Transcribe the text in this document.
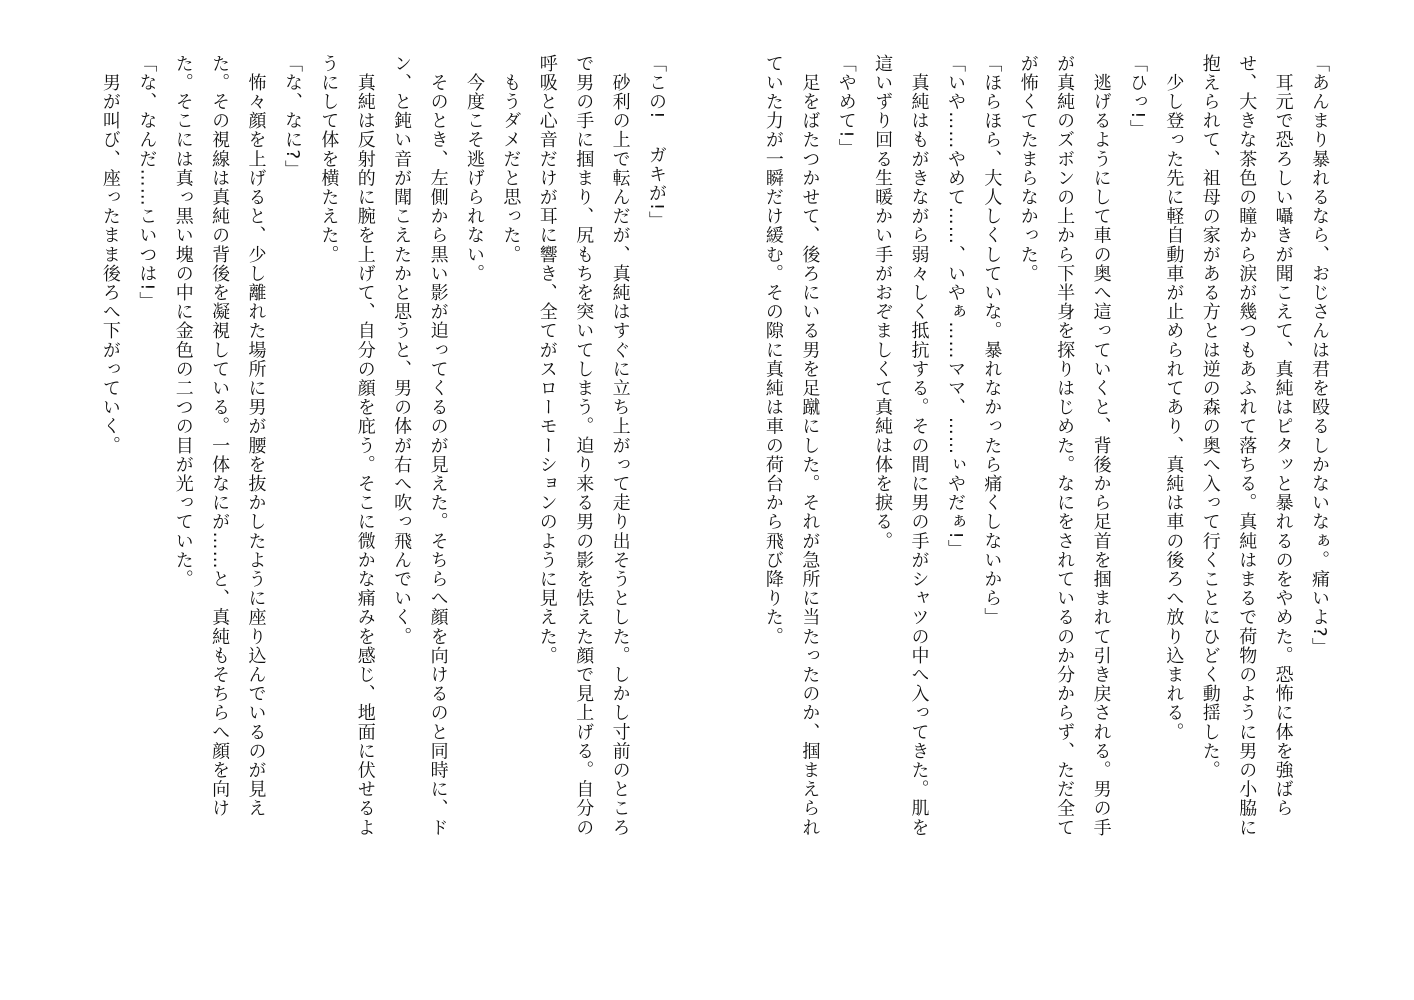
「あんまり暴れるなら、おじさんは君を殴るしかないなぁ。痛いよ?」
　耳元で恐ろしい囁きが聞こえて、真純はピタッと暴れるのをやめた。恐怖に体を強ばら
せ、大きな茶色の瞳から涙が幾つもあふれて落ちる。真純はまるで荷物のように男の小脇に
抱えられて、祖母の家がある方とは逆の森の奥へ入って行くことにひどく動揺した。
　少し登った先に軽自動車が止められてあり、真純は車の後ろへ放り込まれる。
「ひっ!」
　逃げるようにして車の奥へ這っていくと、背後から足首を掴まれて引き戻される。男の手
が真純のズボンの上から下半身を探りはじめた。なにをされているのか分からず、ただ全て
が怖くてたまらなかった。
「ほらほら、大人しくしていな。暴れなかったら痛くしないから」
「いや……やめて……、いやぁ……ママ、……ぃやだぁ!」
　真純はもがきながら弱々しく抵抗する。その間に男の手がシャツの中へ入ってきた。肌を
這いずり回る生暖かい手がおぞましくて真純は体を捩る。
「やめて!」
　足をばたつかせて、後ろにいる男を足蹴にした。それが急所に当たったのか、掴まえられ
ていた力が一瞬だけ緩む。その隙に真純は車の荷台から飛び降りた。
「この! 　ガキが!」
　砂利の上で転んだが、真純はすぐに立ち上がって走り出そうとした。しかし寸前のところ
で男の手に掴まり、尻もちを突いてしまう。迫り来る男の影を怯えた顔で見上げる。自分の
呼吸と心音だけが耳に響き、全てがスローモーションのように見えた。
　もうダメだと思った。
　今度こそ逃げられない。
　そのとき、左側から黒い影が迫ってくるのが見えた。そちらへ顔を向けるのと同時に、ド
ン、と鈍い音が聞こえたかと思うと、男の体が右へ吹っ飛んでいく。
　真純は反射的に腕を上げて、自分の顔を庇う。そこに微かな痛みを感じ、地面に伏せるよ
うにして体を横たえた。
「な、なに?」
　怖々顔を上げると、少し離れた場所に男が腰を抜かしたように座り込んでいるのが見え
た。その視線は真純の背後を凝視している。一体なにが……と、真純もそちらへ顔を向け
た。そこには真っ黒い塊の中に金色の二つの目が光っていた。
「な、なんだ……こいつは!」
　男が叫び、座ったまま後ろへ下がっていく。
